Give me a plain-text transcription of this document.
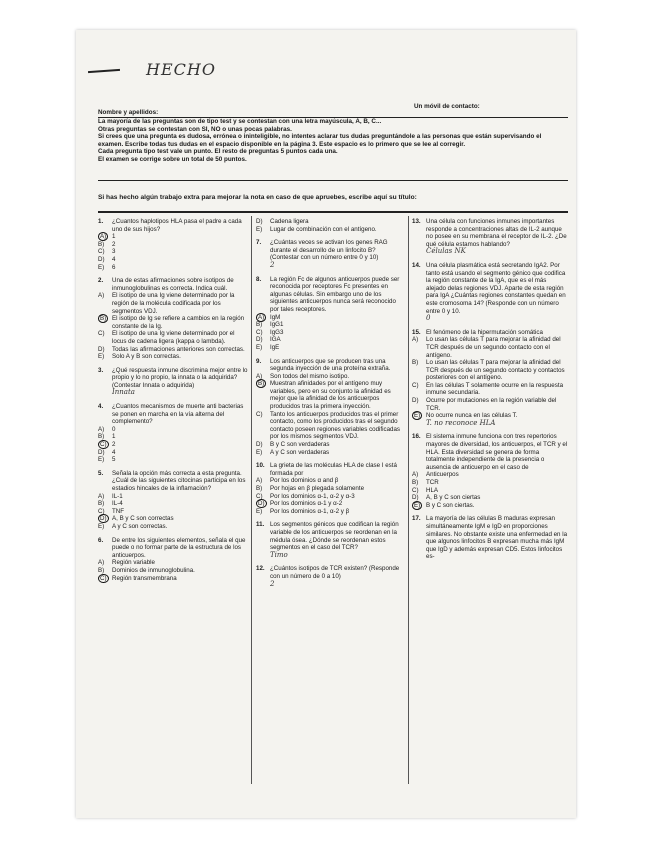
HECHO
Un móvil de contacto:
Nombre y apellidos:
La mayoría de las preguntas son de tipo test y se contestan con una letra mayúscula, A, B, C...
Otras preguntas se contestan con SI, NO o unas pocas palabras.
Si crees que una pregunta es dudosa, errónea o ininteligible, no intentes aclarar tus dudas preguntándole a las personas que están supervisando el examen. Escribe todas tus dudas en el espacio disponible en la página 3. Este espacio es lo primero que se lee al corregir.
Cada pregunta tipo test vale un punto. El resto de preguntas 5 puntos cada una.
El examen se corrige sobre un total de 50 puntos.
Si has hecho algún trabajo extra para mejorar la nota en caso de que apruebes, escribe aquí su título:
1.	¿Cuantos haplotipos HLA pasa el padre a cada uno de sus hijos?
A) 1
B)	2
C)	3
D)	4
E)	6
2.	Una de estas afirmaciones sobre isotipos de inmunoglobulinas es correcta. Indica cuál.
A)	El isotipo de una Ig viene determinado por la región de la molécula codificada por los segmentos VDJ.
B) El isotipo de Ig se refiere a cambios en la región constante de la Ig.
C)	El isotipo de una Ig viene determinado por el locus de cadena ligera (kappa o lambda).
D)	Todas las afirmaciones anteriores son correctas.
E)	Solo A y B son correctas.
3.	¿Qué respuesta inmune discrimina mejor entre lo propio y lo no propio, la innata o la adquirida? (Contestar Innata o adquirida)
Innata
4.	¿Cuantos mecanismos de muerte anti bacterias se ponen en marcha en la vía alterna del complemento?
A)	0
B)	1
C) 2
D)	4
E)	5
5.	Señala la opción más correcta a esta pregunta. ¿Cuál de las siguientes citocinas participa en los estadios hincales de la inflamación?
A)	IL-1
B)	IL-4
C)	TNF
D) A, B y C son correctas
E)	A y C son correctas.
6.	De entre los siguientes elementos, señala el que puede o no formar parte de la estructura de los anticuerpos.
A)	Región variable
B)	Dominios de inmunoglobulina.
C) Región transmembrana
D)	Cadena ligera
E)	Lugar de combinación con el antígeno.
7.	¿Cuántas veces se activan los genes RAG durante el desarrollo de un linfocito B? (Contestar con un número entre 0 y 10)
2
8.	La región Fc de algunos anticuerpos puede ser reconocida por receptores Fc presentes en algunas células. Sin embargo uno de los siguientes anticuerpos nunca será reconocido por tales receptores.
A) IgM
B)	IgG1
C)	IgG3
D)	IGA
E)	IgE
9.	Los anticuerpos que se producen tras una segunda inyección de una proteína extraña.
A)	Son todos del mismo isotipo.
B) Muestran afinidades por el antígeno muy variables, pero en su conjunto la afinidad es mejor que la afinidad de los anticuerpos producidos tras la primera inyección.
C)	Tanto los anticuerpos producidos tras el primer contacto, como los producidos tras el segundo contacto poseen regiones variables codificadas por los mismos segmentos VDJ.
D)	B y C son verdaderas
E)	A y C son verdaderas
10. La grieta de las moléculas HLA de clase I está formada por
A)	Por los dominios α and β
B)	Por hojas en β plegada solamente
C)	Por los dominios α-1, α-2 y α-3
D) Por los dominios α-1 y α-2
E)	Por los dominios α-1, α-2 y β
11. Los segmentos génicos que codifican la región variable de los anticuerpos se reordenan en la médula ósea. ¿Dónde se reordenan estos segmentos en el caso del TCR?
Timo
12. ¿Cuántos isotipos de TCR existen? (Responde con un número de 0 a 10)
2
13. Una célula con funciones inmunes importantes responde a concentraciones altas de IL-2 aunque no posee en su membrana el receptor de IL-2. ¿De qué célula estamos hablando?
Células NK
14. Una célula plasmática está secretando IgA2. Por tanto está usando el segmento génico que codifica la región constante de la IgA, que es el más alejado delas regiones VDJ. Aparte de esta región para IgA ¿Cuántas regiones constantes quedan en este cromosoma 14? (Responde con un número entre 0 y 10.
0
15. El fenómeno de la hipermutación somática
A)	Lo usan las células T para mejorar la afinidad del TCR después de un segundo contacto con el antígeno.
B)	Lo usan las células T para mejorar la afinidad del TCR después de un segundo contacto y contactos posteriores con el antígeno.
C)	En las células T solamente ocurre en la respuesta inmune secundaria.
D)	Ocurre por mutaciones en la región variable del TCR.
E) No ocurre nunca en las células T.
T. no reconoce HLA
16. El sistema inmune funciona con tres repertorios mayores de diversidad, los anticuerpos, el TCR y el HLA. Esta diversidad se genera de forma totalmente independiente de la presencia o ausencia de anticuerpo en el caso de
A)	Anticuerpos
B)	TCR
C)	HLA
D)	A, B y C son ciertas
E) B y C son ciertas.
17. La mayoría de las células B maduras expresan simultáneamente IgM e IgD en proporciones similares. No obstante existe una enfermedad en la que algunos linfocitos B expresan mucha más IgM que IgD y además expresan CD5. Estos linfocitos es-
